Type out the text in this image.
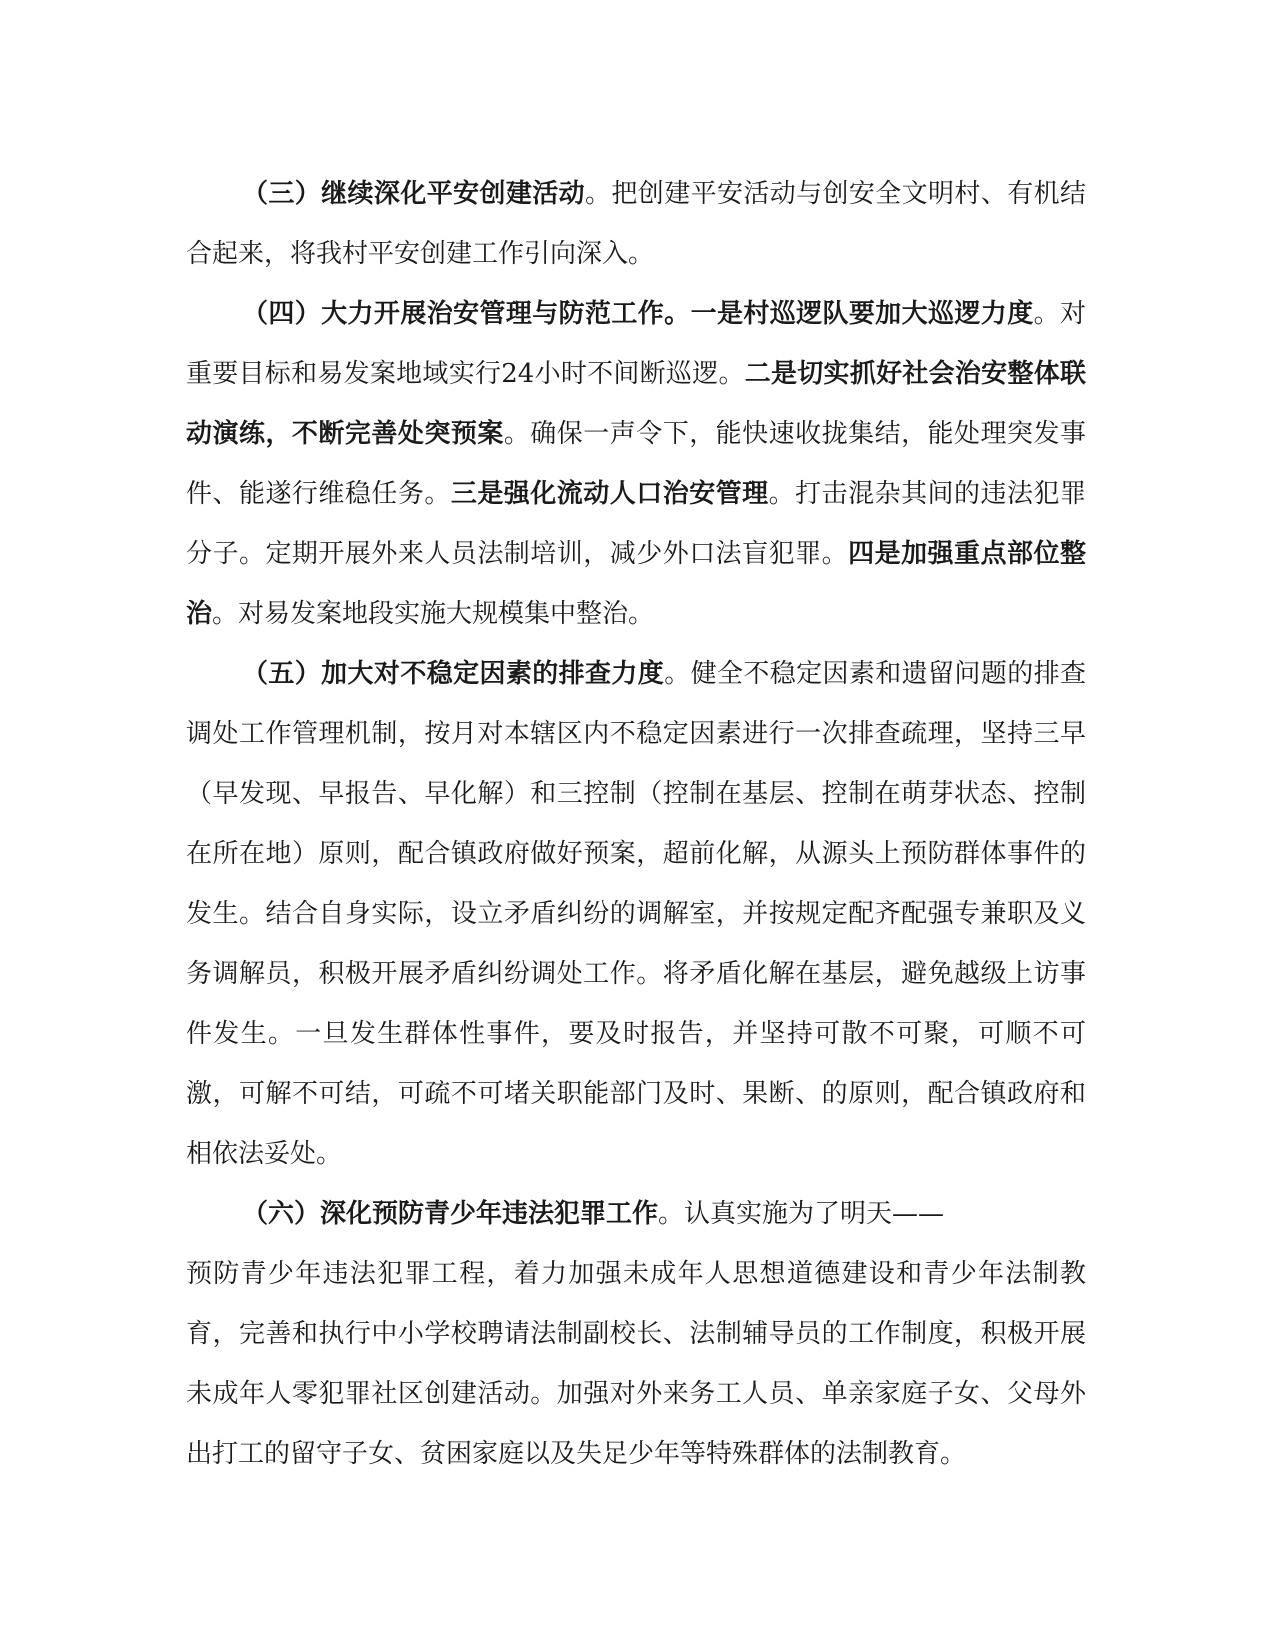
（三）继续深化平安创建活动。把创建平安活动与创安全文明村、有机结合起来，将我村平安创建工作引向深入。

（四）大力开展治安管理与防范工作。一是村巡逻队要加大巡逻力度。对重要目标和易发案地域实行24小时不间断巡逻。二是切实抓好社会治安整体联动演练，不断完善处突预案。确保一声令下，能快速收拢集结，能处理突发事件、能遂行维稳任务。三是强化流动人口治安管理。打击混杂其间的违法犯罪分子。定期开展外来人员法制培训，减少外口法盲犯罪。四是加强重点部位整治。对易发案地段实施大规模集中整治。

（五）加大对不稳定因素的排查力度。健全不稳定因素和遗留问题的排查调处工作管理机制，按月对本辖区内不稳定因素进行一次排查疏理，坚持三早（早发现、早报告、早化解）和三控制（控制在基层、控制在萌芽状态、控制在所在地）原则，配合镇政府做好预案，超前化解，从源头上预防群体事件的发生。结合自身实际，设立矛盾纠纷的调解室，并按规定配齐配强专兼职及义务调解员，积极开展矛盾纠纷调处工作。将矛盾化解在基层，避免越级上访事件发生。一旦发生群体性事件，要及时报告，并坚持可散不可聚，可顺不可激，可解不可结，可疏不可堵关职能部门及时、果断、的原则，配合镇政府和相依法妥处。

（六）深化预防青少年违法犯罪工作。认真实施为了明天——

预防青少年违法犯罪工程，着力加强未成年人思想道德建设和青少年法制教育，完善和执行中小学校聘请法制副校长、法制辅导员的工作制度，积极开展未成年人零犯罪社区创建活动。加强对外来务工人员、单亲家庭子女、父母外出打工的留守子女、贫困家庭以及失足少年等特殊群体的法制教育。
